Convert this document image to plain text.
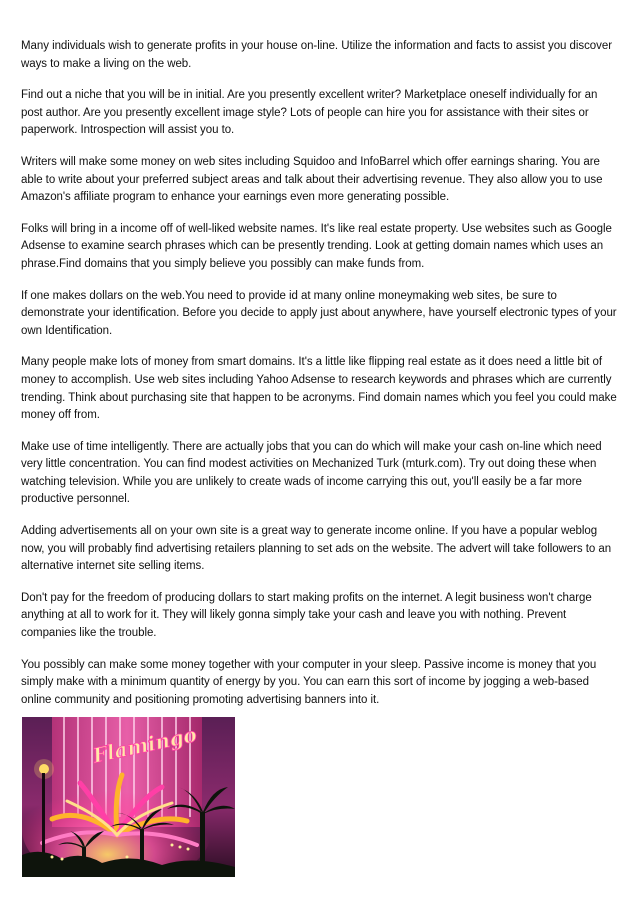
Many individuals wish to generate profits in your house on-line. Utilize the information and facts to assist you discover ways to make a living on the web.

Find out a niche that you will be in initial. Are you presently excellent writer? Marketplace oneself individually for an post author. Are you presently excellent image style? Lots of people can hire you for assistance with their sites or paperwork. Introspection will assist you to.

Writers will make some money on web sites including Squidoo and InfoBarrel which offer earnings sharing. You are able to write about your preferred subject areas and talk about their advertising revenue. They also allow you to use Amazon's affiliate program to enhance your earnings even more generating possible.

Folks will bring in a income off of well-liked website names. It's like real estate property. Use websites such as Google Adsense to examine search phrases which can be presently trending. Look at getting domain names which uses an phrase.Find domains that you simply believe you possibly can make funds from.

If one makes dollars on the web.You need to provide id at many online moneymaking web sites, be sure to demonstrate your identification. Before you decide to apply just about anywhere, have yourself electronic types of your own Identification.

Many people make lots of money from smart domains. It's a little like flipping real estate as it does need a little bit of money to accomplish. Use web sites including Yahoo Adsense to research keywords and phrases which are currently trending. Think about purchasing site that happen to be acronyms. Find domain names which you feel you could make money off from.

Make use of time intelligently. There are actually jobs that you can do which will make your cash on-line which need very little concentration. You can find modest activities on Mechanized Turk (mturk.com). Try out doing these when watching television. While you are unlikely to create wads of income carrying this out, you'll easily be a far more productive personnel.

Adding advertisements all on your own site is a great way to generate income online. If you have a popular weblog now, you will probably find advertising retailers planning to set ads on the website. The advert will take followers to an alternative internet site selling items.

Don't pay for the freedom of producing dollars to start making profits on the internet. A legit business won't charge anything at all to work for it. They will likely gonna simply take your cash and leave you with nothing. Prevent companies like the trouble.

You possibly can make some money together with your computer in your sleep. Passive income is money that you simply make with a minimum quantity of energy by you. You can earn this sort of income by jogging a web-based online community and positioning promoting advertising banners into it.

Flamingo
